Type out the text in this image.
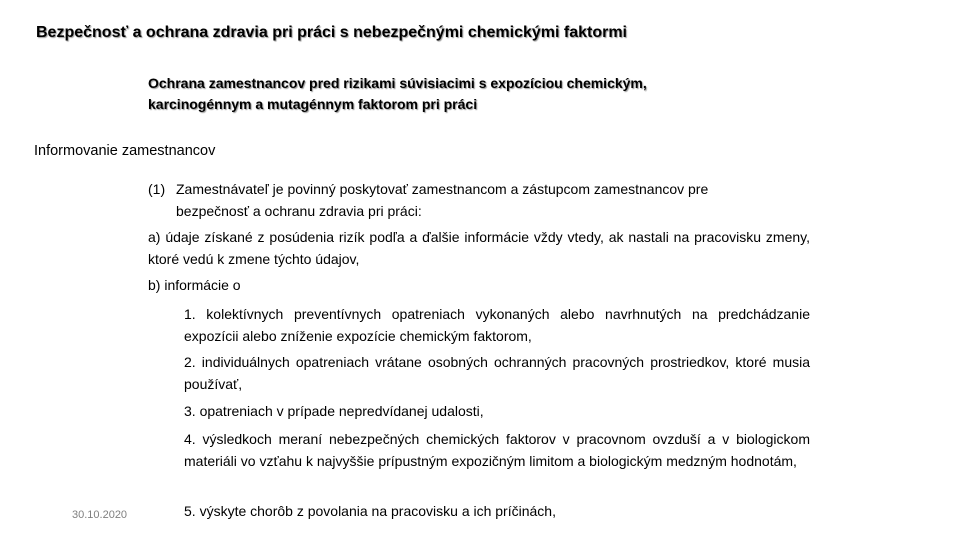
Bezpečnosť a ochrana zdravia pri práci s nebezpečnými chemickými faktormi
Ochrana zamestnancov pred rizikami súvisiacimi s expozíciou chemickým,
karcinogénnym a mutagénnym faktorom pri práci
Informovanie zamestnancov
(1) Zamestnávateľ je povinný poskytovať zamestnancom a zástupcom zamestnancov pre
bezpečnosť a ochranu zdravia pri práci:

a) údaje získané z posúdenia rizík podľa a ďalšie informácie vždy vtedy, ak nastali na pracovisku zmeny, ktoré vedú k zmene týchto údajov,

b) informácie o

1. kolektívnych preventívnych opatreniach vykonaných alebo navrhnutých na predchádzanie expozícii alebo zníženie expozície chemickým faktorom,

2. individuálnych opatreniach vrátane osobných ochranných pracovných prostriedkov, ktoré musia používať,

3. opatreniach v prípade nepredvídanej udalosti,

4. výsledkoch meraní nebezpečných chemických faktorov v pracovnom ovzduší a v biologickom materiáli vo vzťahu k najvyššie prípustným expozičným limitom a biologickým medzným hodnotám,

5. výskyte chorôb z povolania na pracovisku a ich príčinách,

30.10.2020
